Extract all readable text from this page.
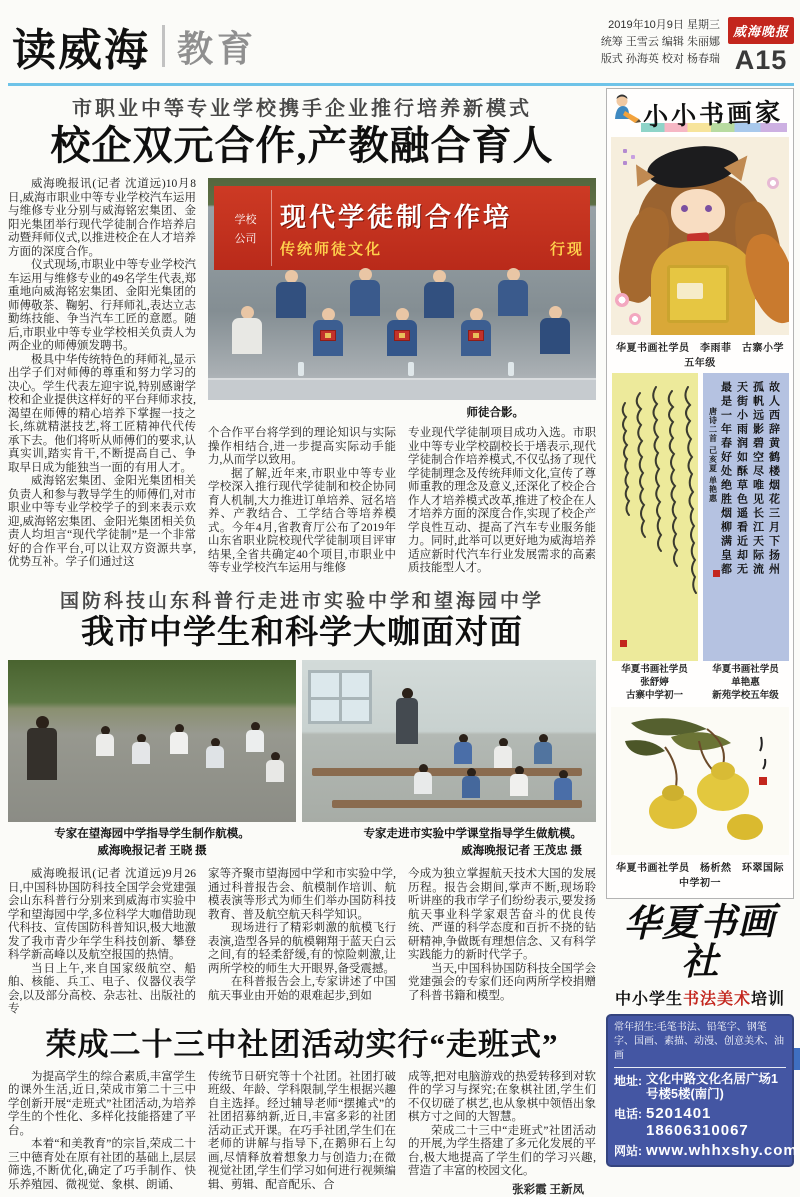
读威海 教育
2019年10月9日 星期三
统筹 王雪云 编辑 朱丽娜
版式 孙海英 校对 杨春瑞
威海晚报
A15
市职业中等专业学校携手企业推行培养新模式
校企双元合作,产教融合育人

威海晚报讯(记者 沈道远)10月8日,威海市职业中等专业学校汽车运用与维修专业分别与威海铭宏集团、金阳光集团举行现代学徒制合作培养启动暨拜师仪式,以推进校企在人才培养方面的深度合作。

仪式现场,市职业中等专业学校汽车运用与维修专业的49名学生代表,郑重地向威海铭宏集团、金阳光集团的师傅敬茶、鞠躬、行拜师礼,表达立志勤练技能、争当汽车工匠的意愿。随后,市职业中等专业学校相关负责人为两企业的师傅颁发聘书。

极具中华传统特色的拜师礼,显示出学子们对师傅的尊重和努力学习的决心。学生代表左迎宇说,特别感谢学校和企业提供这样好的平台拜师求技,渴望在师傅的精心培养下掌握一技之长,练就精湛技艺,将工匠精神代代传承下去。他们将听从师傅们的要求,认真实训,踏实肯干,不断提高自己、争取早日成为能独当一面的有用人才。

威海铭宏集团、金阳光集团相关负责人和参与教导学生的师傅们,对市职业中等专业学校学子的到来表示欢迎,威海铭宏集团、金阳光集团相关负责人均坦言“现代学徒制”是一个非常好的合作平台,可以让双方资源共享,优势互补。学子们通过这

学校
公司
现代学徒制合作培
传统师徒文化	行现
师徒合影。

个合作平台将学到的理论知识与实际操作相结合,进一步提高实际动手能力,从而学以致用。

据了解,近年来,市职业中等专业学校深入推行现代学徒制和校企协同育人机制,大力推进订单培养、冠名培养、产教结合、工学结合等培养模式。今年4月,省教育厅公布了2019年山东省职业院校现代学徒制项目评审结果,全省共确定40个项目,市职业中等专业学校汽车运用与维修

专业现代学徒制项目成功入选。市职业中等专业学校副校长于墡表示,现代学徒制合作培养模式,不仅弘扬了现代学徒制理念及传统拜师文化,宣传了尊师重教的理念及意义,还深化了校企合作人才培养模式改革,推进了校企在人才培养方面的深度合作,实现了校企产学良性互动、提高了汽车专业服务能力。同时,此举可以更好地为威海培养适应新时代汽车行业发展需求的高素质技能型人才。

国防科技山东科普行走进市实验中学和望海园中学
我市中学生和科学大咖面对面
专家在望海园中学指导学生制作航模。
威海晚报记者 王晓 摄
专家走进市实验中学课堂指导学生做航模。
威海晚报记者 王茂忠 摄

威海晚报讯(记者 沈道远)9月26日,中国科协国防科技全国学会党建强会山东科普行分别来到威海市实验中学和望海园中学,多位科学大咖借助现代科技、宣传国防科普知识,极大地激发了我市青少年学生科技创新、攀登科学新高峰以及航空报国的热情。

当日上午,来自国家级航空、船舶、核能、兵工、电子、仪器仪表学会,以及部分高校、杂志社、出版社的专

家等齐聚市望海园中学和市实验中学,通过科普报告会、航模制作培训、航模表演等形式为师生们举办国防科技教育、普及航空航天科学知识。

现场进行了精彩刺激的航模飞行表演,造型各异的航模翱翔于蓝天白云之间,有的轻柔舒缓,有的惊险刺激,让两所学校的师生大开眼界,备受震撼。

在科普报告会上,专家讲述了中国航天事业由开始的艰难起步,到如

今成为独立掌握航天技术大国的发展历程。报告会期间,掌声不断,现场聆听讲座的我市学子们纷纷表示,要发扬航天事业科学家艰苦奋斗的优良传统、严谨的科学态度和百折不挠的钻研精神,争做既有理想信念、又有科学实践能力的新时代学子。

当天,中国科协国防科技全国学会党建强会的专家们还向两所学校捐赠了科普书籍和模型。

荣成二十三中社团活动实行“走班式”

为提高学生的综合素质,丰富学生的课外生活,近日,荣成市第二十三中学创新开展“走班式”社团活动,为培养学生的个性化、多样化技能搭建了平台。

本着“和美教育”的宗旨,荣成二十三中德育处在原有社团的基础上,层层筛选,不断优化,确定了巧手制作、快乐养殖园、微视觉、象棋、朗诵、

传统节日研究等十个社团。社团打破班级、年龄、学科限制,学生根据兴趣自主选择。经过辅导老师“摆摊式”的社团招募纳新,近日,丰富多彩的社团活动正式开课。在巧手社团,学生们在老师的讲解与指导下,在鹅卵石上勾画,尽情释放着想象力与创造力;在微视觉社团,学生们学习如何进行视频编辑、剪辑、配音配乐、合

成等,把对电脑游戏的热爱转移到对软件的学习与探究;在象棋社团,学生们不仅切磋了棋艺,也从象棋中领悟出象棋方寸之间的大智慧。

荣成二十三中“走班式”社团活动的开展,为学生搭建了多元化发展的平台,极大地提高了学生们的学习兴趣,营造了丰富的校园文化。

张彩霞 王新凤
小小书画家
华夏书画社学员　李雨菲　古寨小学五年级
故人西辞黄鹤楼烟花三月下扬州
孤帆远影碧空尽唯见长江天际流
天街小雨润如酥草色遥看近却无
最是一年春好处绝胜烟柳满皇都
唐诗二首 己亥夏 单艳惠
华夏书画社学员
张舒婷
古寨中学初一
华夏书画社学员
单艳惠
新苑学校五年级
华夏书画社学员　杨析然　环翠国际中学初一
华夏书画社
中小学生书法美术培训
常年招生:毛笔书法、铅笔字、钢笔字、国画、素描、动漫、创意美术、油画
地址: 文化中路文化名居广场1号楼5楼(南门)
电话: 5201401
18606310067
网站: www.whhxshy.com
